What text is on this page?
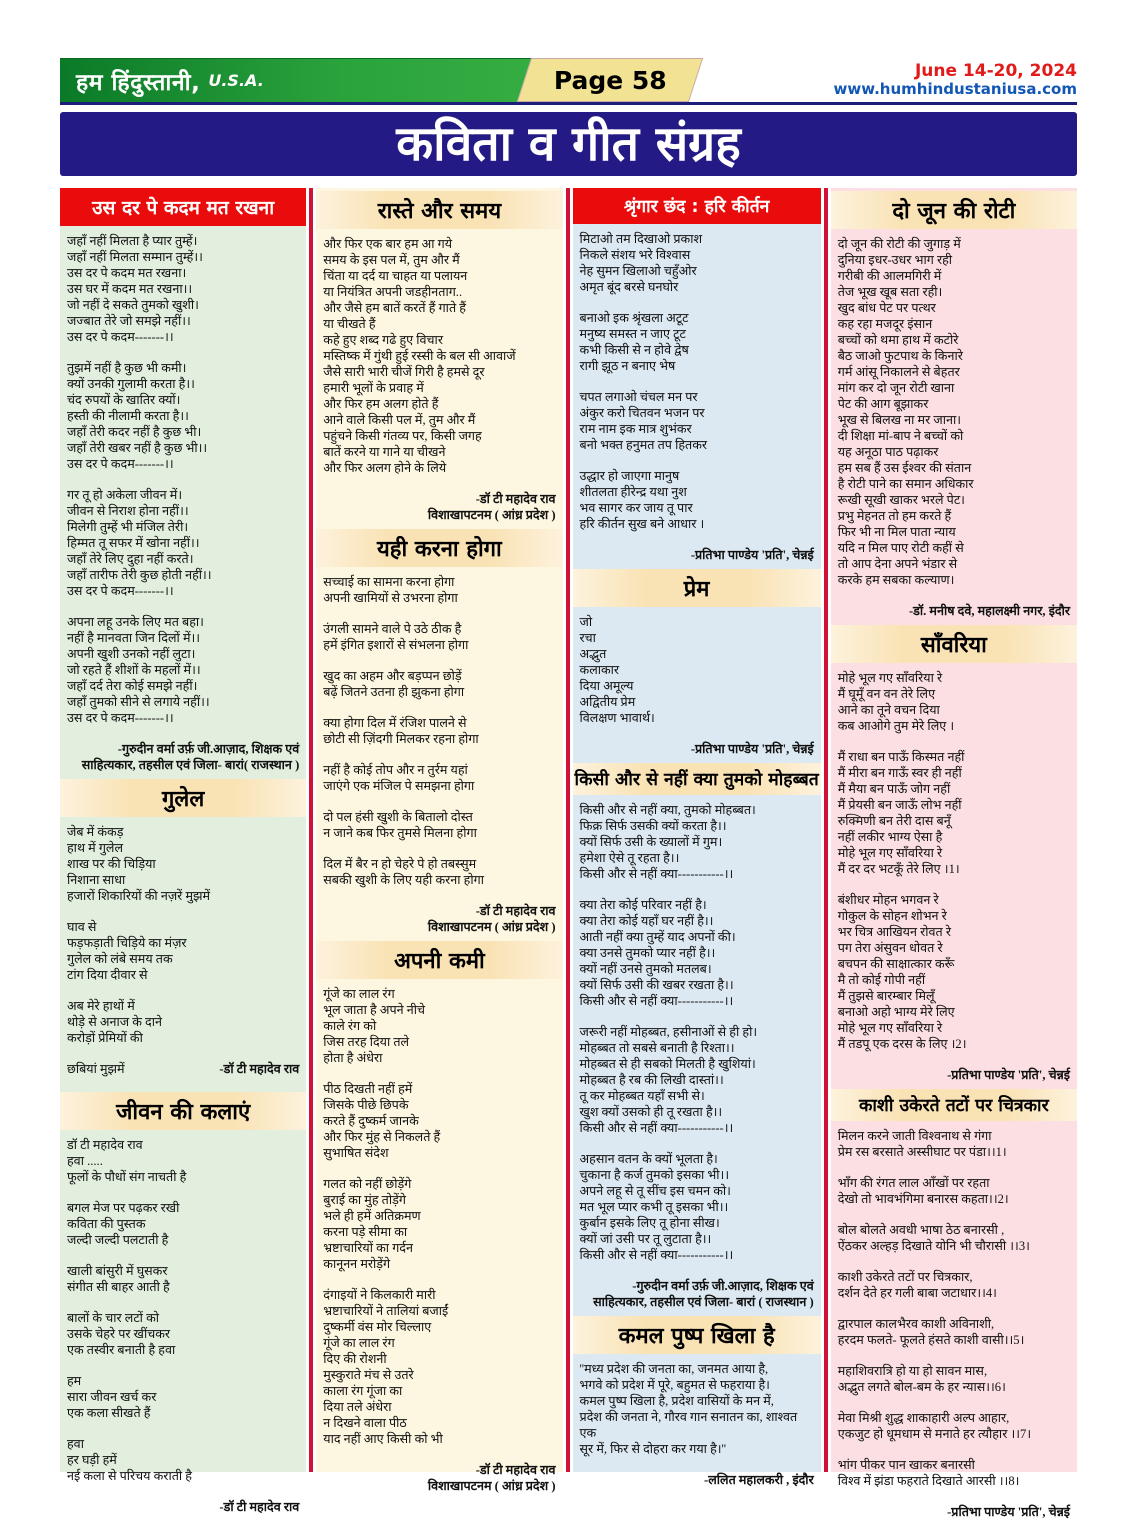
हम हिंदुस्तानी, U.S.A.	Page 58	June 14-20, 2024
www.humhindustaniusa.com
कविता व गीत संग्रह
उस दर पे कदम मत रखना
जहाँ नहीं मिलता है प्यार तुम्हें।
जहाँ नहीं मिलता सम्मान तुम्हें।।
उस दर पे कदम मत रखना।
उस घर में कदम मत रखना।।
जो नहीं दे सकते तुमको खुशी।
जज्बात तेरे जो समझे नहीं।।
उस दर पे कदम-------।।
तुझमें नहीं है कुछ भी कमी।
क्यों उनकी गुलामी करता है।।
चंद रुपयों के खातिर क्यों।
हस्ती की नीलामी करता है।।
जहाँ तेरी कदर नहीं है कुछ भी।
जहाँ तेरी खबर नहीं है कुछ भी।।
उस दर पे कदम-------।।
गर तू हो अकेला जीवन में।
जीवन से निराश होना नहीं।।
मिलेगी तुम्हें भी मंजिल तेरी।
हिम्मत तू सफर में खोना नहीं।।
जहाँ तेरे लिए दुहा नहीं करते।
जहाँ तारीफ तेरी कुछ होती नहीं।।
उस दर पे कदम-------।।
अपना लहू उनके लिए मत बहा।
नहीं है मानवता जिन दिलों में।।
अपनी खुशी उनको नहीं लुटा।
जो रहते हैं शीशों के महलों में।।
जहाँ दर्द तेरा कोई समझे नहीं।
जहाँ तुमको सीने से लगाये नहीं।।
उस दर पे कदम-------।।
-गुरुदीन वर्मा उर्फ़ जी.आज़ाद, शिक्षक एवं
साहित्यकार, तहसील एवं जिला- बारां( राजस्थान )
गुलेल
जेब में कंकड़
हाथ में गुलेल
शाख पर की चिड़िया
निशाना साधा
हजारों शिकारियों की नज़रें मुझमें
घाव से
फड़फड़ाती चिड़िये का मंज़र
गुलेल को लंबे समय तक
टांग दिया दीवार से
अब मेरे हाथों में
थोड़े से अनाज के दाने
करोड़ों प्रेमियों की
छबियां मुझमें	-डॉ टी महादेव राव
जीवन की कलाएं
डॉ टी महादेव राव
हवा .....
फूलों के पौधों संग नाचती है
बगल मेज पर पढ़कर रखी
कविता की पुस्तक
जल्दी जल्दी पलटाती है
खाली बांसुरी में घुसकर
संगीत सी बाहर आती है
बालों के चार लटों को
उसके चेहरे पर खींचकर
एक तस्वीर बनाती है हवा
हम
सारा जीवन खर्च कर
एक कला सीखते हैं
हवा
हर घड़ी हमें
नई कला से परिचय कराती है
-डॉ टी महादेव राव
रास्ते और समय
और फिर एक बार हम आ गये
समय के इस पल में, तुम और मैं
चिंता या दर्द या चाहत या पलायन
या नियंत्रित अपनी जडहीनताग..
और जैसे हम बातें करतें हैं गाते हैं
या चीखते हैं
कहे हुए शब्द गढे हुए विचार
मस्तिष्क में गुंथी हुई रस्सी के बल सी आवाजें
जैसे सारी भारी चीजें गिरी है हमसे दूर
हमारी भूलों के प्रवाह में
और फिर हम अलग होते हैं
आने वाले किसी पल में, तुम और मैं
पहुंचने किसी गंतव्य पर, किसी जगह
बातें करने या गाने या चीखने
और फिर अलग होने के लिये
-डॉ टी महादेव राव
विशाखापटनम ( आंध्र प्रदेश )
यही करना होगा
सच्चाई का सामना करना होगा
अपनी खामियों से उभरना होगा
उंगली सामने वाले पे उठे ठीक है
हमें इंगित इशारों से संभलना होगा
खुद का अहम और बड़प्पन छोड़ें
बढ़ें जितने उतना ही झुकना होगा
क्या होगा दिल में रंजिश पालने से
छोटी सी ज़िंदगी मिलकर रहना होगा
नहीं है कोई तोप और न तुर्रम यहां
जाएंगे एक मंजिल पे समझना होगा
दो पल हंसी खुशी के बितालो दोस्त
न जाने कब फिर तुमसे मिलना होगा
दिल में बैर न हो चेहरे पे हो तबस्सुम
सबकी खुशी के लिए यही करना होगा
-डॉ टी महादेव राव
विशाखापटनम ( आंध्र प्रदेश )
अपनी कमी
गूंजे का लाल रंग
भूल जाता है अपने नीचे
काले रंग को
जिस तरह दिया तले
होता है अंधेरा
पीठ दिखती नहीं हमें
जिसके पीछे छिपके
करते हैं दुष्कर्म जानके
और फिर मुंह से निकलते हैं
सुभाषित संदेश
गलत को नहीं छोड़ेंगे
बुराई का मुंह तोड़ेंगे
भले ही हमें अतिक्रमण
करना पड़े सीमा का
भ्रष्टाचारियों का गर्दन
कानूनन मरोड़ेंगे
दंगाइयों ने किलकारी मारी
भ्रष्टाचारियों ने तालियां बजाईं
दुष्कर्मी वंस मोर चिल्लाए
गूंजे का लाल रंग
दिए की रोशनी
मुस्कुराते मंच से उतरे
काला रंग गूंजा का
दिया तले अंधेरा
न दिखने वाला पीठ
याद नहीं आए किसी को भी
-डॉ टी महादेव राव
विशाखापटनम ( आंध्र प्रदेश )
श्रृंगार छंद : हरि कीर्तन
मिटाओ तम दिखाओ प्रकाश
निकले संशय भरे विश्वास
नेह सुमन खिलाओ चहुँओर
अमृत बूंद बरसे घनघोर
बनाओ इक श्रृंखला अटूट
मनुष्य समस्त न जाए टूट
कभी किसी से न होवे द्वेष
रागी झूठ न बनाए भेष
चपत लगाओ चंचल मन पर
अंकुर करो चितवन भजन पर
राम नाम इक मात्र शुभंकर
बनो भक्त हनुमत तप हितकर
उद्धार हो जाएगा मानुष
शीतलता हीरेन्द्र यथा नुश
भव सागर कर जाय तू पार
हरि कीर्तन सुख बने आधार ।
-प्रतिभा पाण्डेय 'प्रति', चेन्नई
प्रेम
जो
रचा
अद्भुत
कलाकार
दिया अमूल्य
अद्वितीय प्रेम
विलक्षण भावार्थ।
-प्रतिभा पाण्डेय 'प्रति', चेन्नई
किसी और से नहीं क्या तुमको मोहब्बत
किसी और से नहीं क्या, तुमको मोहब्बत।
फिक्र सिर्फ उसकी क्यों करता है।।
क्यों सिर्फ उसी के ख्यालों में गुम।
हमेशा ऐसे तू रहता है।।
किसी और से नहीं क्या-----------।।
क्या तेरा कोई परिवार नहीं है।
क्या तेरा कोई यहाँ घर नहीं है।।
आती नहीं क्या तुम्हें याद अपनों की।
क्या उनसे तुमको प्यार नहीं है।।
क्यों नहीं उनसे तुमको मतलब।
क्यों सिर्फ उसी की खबर रखता है।।
किसी और से नहीं क्या-----------।।
जरूरी नहीं मोहब्बत, हसीनाओं से ही हो।
मोहब्बत तो सबसे बनाती है रिश्ता।।
मोहब्बत से ही सबको मिलती है खुशियां।
मोहब्बत है रब की लिखी दास्तां।।
तू कर मोहब्बत यहाँ सभी से।
खुश क्यों उसको ही तू रखता है।।
किसी और से नहीं क्या-----------।।
अहसान वतन के क्यों भूलता है।
चुकाना है कर्ज तुमको इसका भी।।
अपने लहू से तू सींच इस चमन को।
मत भूल प्यार कभी तू इसका भी।।
कुर्बान इसके लिए तू होना सीख।
क्यों जां उसी पर तू लुटाता है।।
किसी और से नहीं क्या-----------।।
-गुरुदीन वर्मा उर्फ़ जी.आज़ाद, शिक्षक एवं
साहित्यकार, तहसील एवं जिला- बारां ( राजस्थान )
कमल पुष्प खिला है
''मध्य प्रदेश की जनता का, जनमत आया है,
भगवे को प्रदेश में पूरे, बहुमत से फहराया है।
कमल पुष्प खिला है, प्रदेश वासियों के मन में,
प्रदेश की जनता ने, गौरव गान सनातन का, शाश्वत एक
सूर में, फिर से दोहरा कर गया है।''
-ललित महालकरी , इंदौर
दो जून की रोटी
दो जून की रोटी की जुगाड़ में
दुनिया इधर-उधर भाग रही
गरीबी की आलमगिरी में
तेज भूख खूब सता रही।
खुद बांध पेट पर पत्थर
कह रहा मजदूर इंसान
बच्चों को थमा हाथ में कटोरे
बैठ जाओ फुटपाथ के किनारे
गर्म आंसू निकालने से बेहतर
मांग कर दो जून रोटी खाना
पेट की आग बूझाकर
भूख से बिलख ना मर जाना।
दी शिक्षा मां-बाप ने बच्चों को
यह अनूठा पाठ पढ़ाकर
हम सब हैं उस ईश्वर की संतान
है रोटी पाने का समान अधिकार
रूखी सूखी खाकर भरले पेट।
प्रभु मेहनत तो हम करते हैं
फिर भी ना मिल पाता न्याय
यदि न मिल पाए रोटी कहीं से
तो आप देना अपने भंडार से
करके हम सबका कल्याण।
-डॉ. मनीष दवे, महालक्ष्मी नगर, इंदौर
साँवरिया
मोहे भूल गए साँवरिया रे
मैं घूमूँ वन वन तेरे लिए
आने का तूने वचन दिया
कब आओगे तुम मेरे लिए ।
मैं राधा बन पाऊँ किस्मत नहीं
मैं मीरा बन गाऊँ स्वर ही नहीं
मैं मैया बन पाऊँ जोग नहीं
मैं प्रेयसी बन जाऊँ लोभ नहीं
रुक्मिणी बन तेरी दास बनूँ
नहीं लकीर भाग्य ऐसा है
मोहे भूल गए साँवरिया रे
मैं दर दर भटकूँ तेरे लिए ।1।
बंशीधर मोहन भगवन रे
गोकुल के सोहन शोभन रे
भर चित्र आखियन रोवत रे
पग तेरा अंसुवन धोवत रे
बचपन की साक्षात्कार करूँ
मै तो कोई गोपी नहीं
मैं तुझसे बारम्बार मिलूँ
बनाओ अहो भाग्य मेरे लिए
मोहे भूल गए साँवरिया रे
मैं तडपू एक दरस के लिए ।2।
-प्रतिभा पाण्डेय 'प्रति', चेन्नई
काशी उकेरते तटों पर चित्रकार
मिलन करने जाती विश्वनाथ से गंगा
प्रेम रस बरसाते अस्सीघाट पर पंडा।।1।
भाँग की रंगत लाल आँखों पर रहता
देखो तो भावभंगिमा बनारस कहता।।2।
बोल बोलते अवधी भाषा ठेठ बनारसी ,
ऐंठकर अल्हड़ दिखाते योनि भी चौरासी ।।3।
काशी उकेरते तटों पर चित्रकार,
दर्शन देते हर गली बाबा जटाधार।।4।
द्वारपाल कालभैरव काशी अविनाशी,
हरदम फलते- फूलते हंसते काशी वासी।।5।
महाशिवरात्रि हो या हो सावन मास,
अद्भुत लगते बोल-बम के हर न्यास।।6।
मेवा मिश्री शुद्ध शाकाहारी अल्प आहार,
एकजुट हो धूमधाम से मनाते हर त्यौहार ।।7।
भांग पीकर पान खाकर बनारसी
विश्व में झंडा फहराते दिखाते आरसी ।।8।
-प्रतिभा पाण्डेय 'प्रति', चेन्नई
